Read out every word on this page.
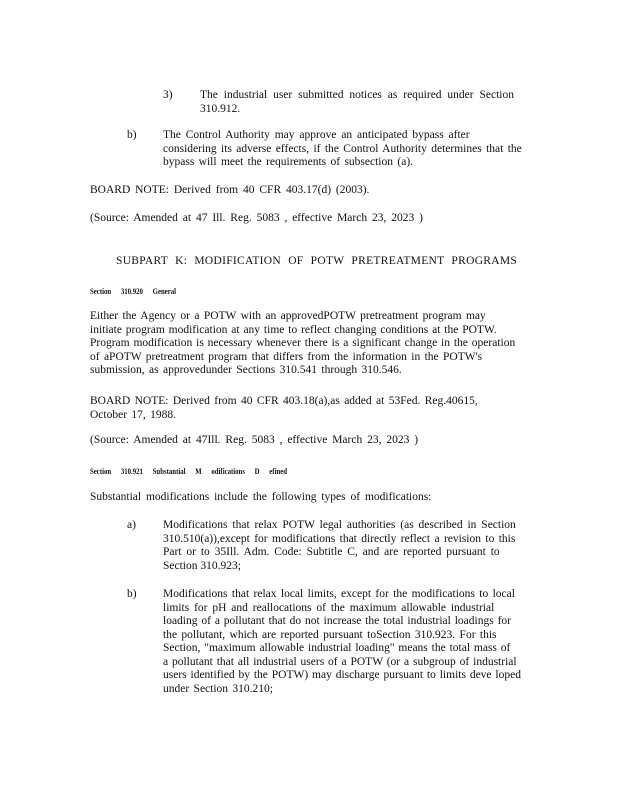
3) The industrial user submitted notices as required under Section
310.912.
b) The Control Authority may approve an anticipated bypass after
considering its adverse effects, if the Control Authority determines that the
bypass will meet the requirements of subsection (a).
BOARD NOTE: Derived from 40 CFR 403.17(d) (2003).
(Source: Amended at 47 Ill. Reg. 5083 , effective March 23, 2023 )
SUBPART K: MODIFICATION OF POTW PRETREATMENT PROGRAMS
Section 310.920 General
Either the Agency or a POTW with an approvedPOTW pretreatment program may
initiate program modification at any time to reflect changing conditions at the POTW.
Program modification is necessary whenever there is a significant change in the operation
of aPOTW pretreatment program that differs from the information in the POTW's
submission, as approvedunder Sections 310.541 through 310.546.
BOARD NOTE: Derived from 40 CFR 403.18(a),as added at 53Fed. Reg.40615,
October 17, 1988.
(Source: Amended at 47Ill. Reg. 5083 , effective March 23, 2023 )
Section 310.921 Substantial M odifications D efined
Substantial modifications include the following types of modifications:
a) Modifications that relax POTW legal authorities (as described in Section
310.510(a)),except for modifications that directly reflect a revision to this
Part or to 35Ill. Adm. Code: Subtitle C, and are reported pursuant to
Section 310.923;
b) Modifications that relax local limits, except for the modifications to local
limits for pH and reallocations of the maximum allowable industrial
loading of a pollutant that do not increase the total industrial loadings for
the pollutant, which are reported pursuant toSection 310.923. For this
Section, "maximum allowable industrial loading" means the total mass of
a pollutant that all industrial users of a POTW (or a subgroup of industrial
users identified by the POTW) may discharge pursuant to limits deve loped
under Section 310.210;
